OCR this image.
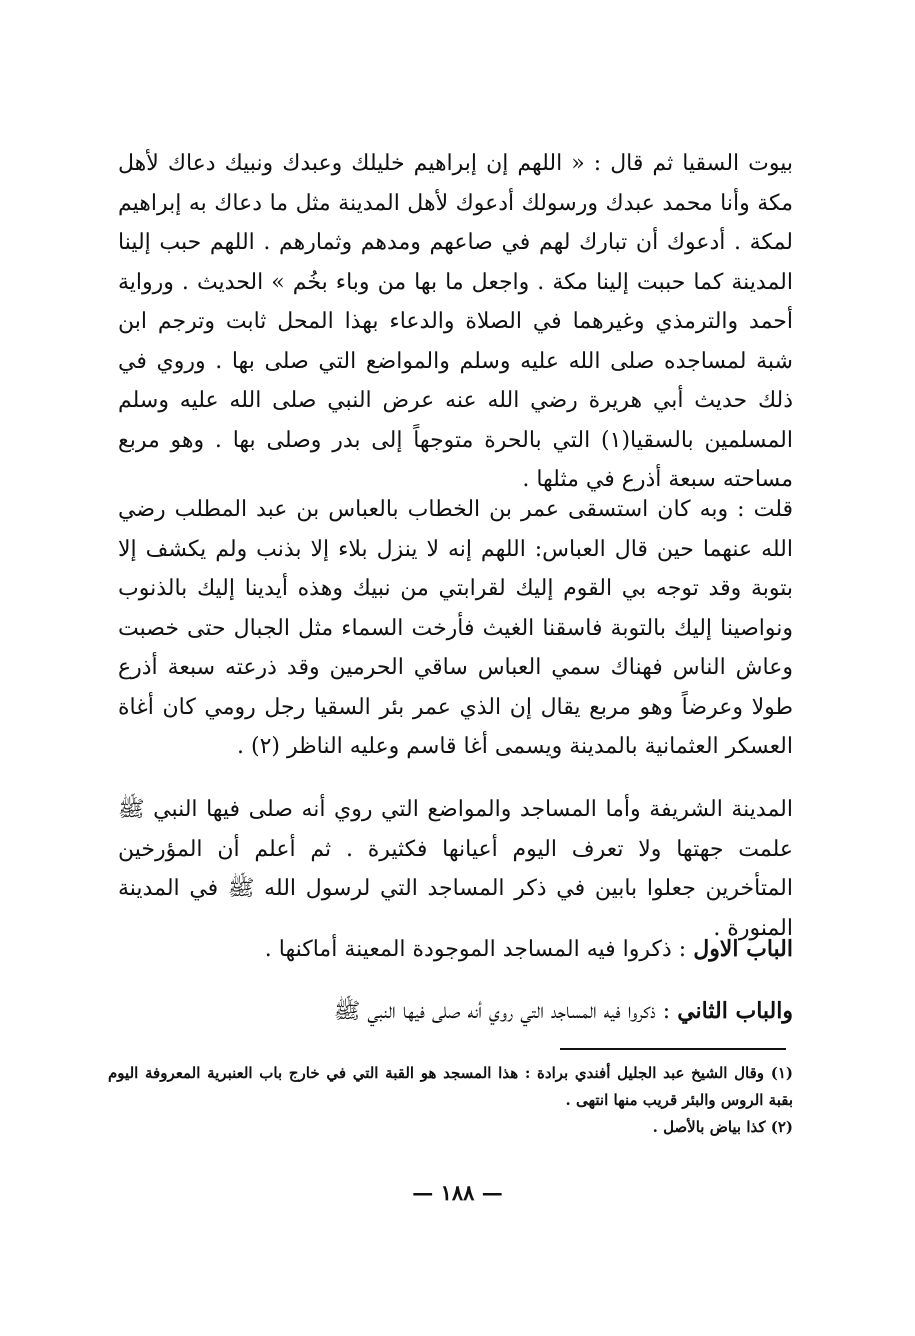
بيوت السقيا ثم قال : « اللهم إن إبراهيم خليلك وعبدك ونبيك دعاك لأهل مكة وأنا محمد عبدك ورسولك أدعوك لأهل المدينة مثل ما دعاك به إبراهيم لمكة . أدعوك أن تبارك لهم في صاعهم ومدهم وثمارهم . اللهم حبب إلينا المدينة كما حببت إلينا مكة . واجعل ما بها من وباء بخُم » الحديث . ورواية أحمد والترمذي وغيرهما في الصلاة والدعاء بهذا المحل ثابت وترجم ابن شبة لمساجده صلى الله عليه وسلم والمواضع التي صلى بها . وروي في ذلك حديث أبي هريرة رضي الله عنه عرض النبي صلى الله عليه وسلم المسلمين بالسقيا(١) التي بالحرة متوجهاً إلى بدر وصلى بها . وهو مربع مساحته سبعة أذرع في مثلها .

قلت : وبه كان استسقى عمر بن الخطاب بالعباس بن عبد المطلب رضي الله عنهما حين قال العباس: اللهم إنه لا ينزل بلاء إلا بذنب ولم يكشف إلا بتوبة وقد توجه بي القوم إليك لقرابتي من نبيك وهذه أيدينا إليك بالذنوب ونواصينا إليك بالتوبة فاسقنا الغيث فأرخت السماء مثل الجبال حتى خصبت وعاش الناس فهناك سمي العباس ساقي الحرمين وقد ذرعته سبعة أذرع طولا وعرضاً وهو مربع يقال إن الذي عمر بئر السقيا رجل رومي كان أغاة العسكر العثمانية بالمدينة ويسمى أغا قاسم وعليه الناظر (٢) .

المدينة الشريفة وأما المساجد والمواضع التي روي أنه صلى فيها النبي ﷺ علمت جهتها ولا تعرف اليوم أعيانها فكثيرة . ثم أعلم أن المؤرخين المتأخرين جعلوا بابين في ذكر المساجد التي لرسول الله ﷺ في المدينة المنورة .

الباب الاول : ذكروا فيه المساجد الموجودة المعينة أماكنها .

والباب الثاني : ذكروا فيه المساجد التي روي أنه صلى فيها النبي ﷺ

(١) وقال الشيخ عبد الجليل أفندي برادة : هذا المسجد هو القبة التي في خارج باب العنبرية المعروفة اليوم بقبة الروس والبئر قريب منها انتهى .

(٢) كذا بياض بالأصل .

— ١٨٨ —
